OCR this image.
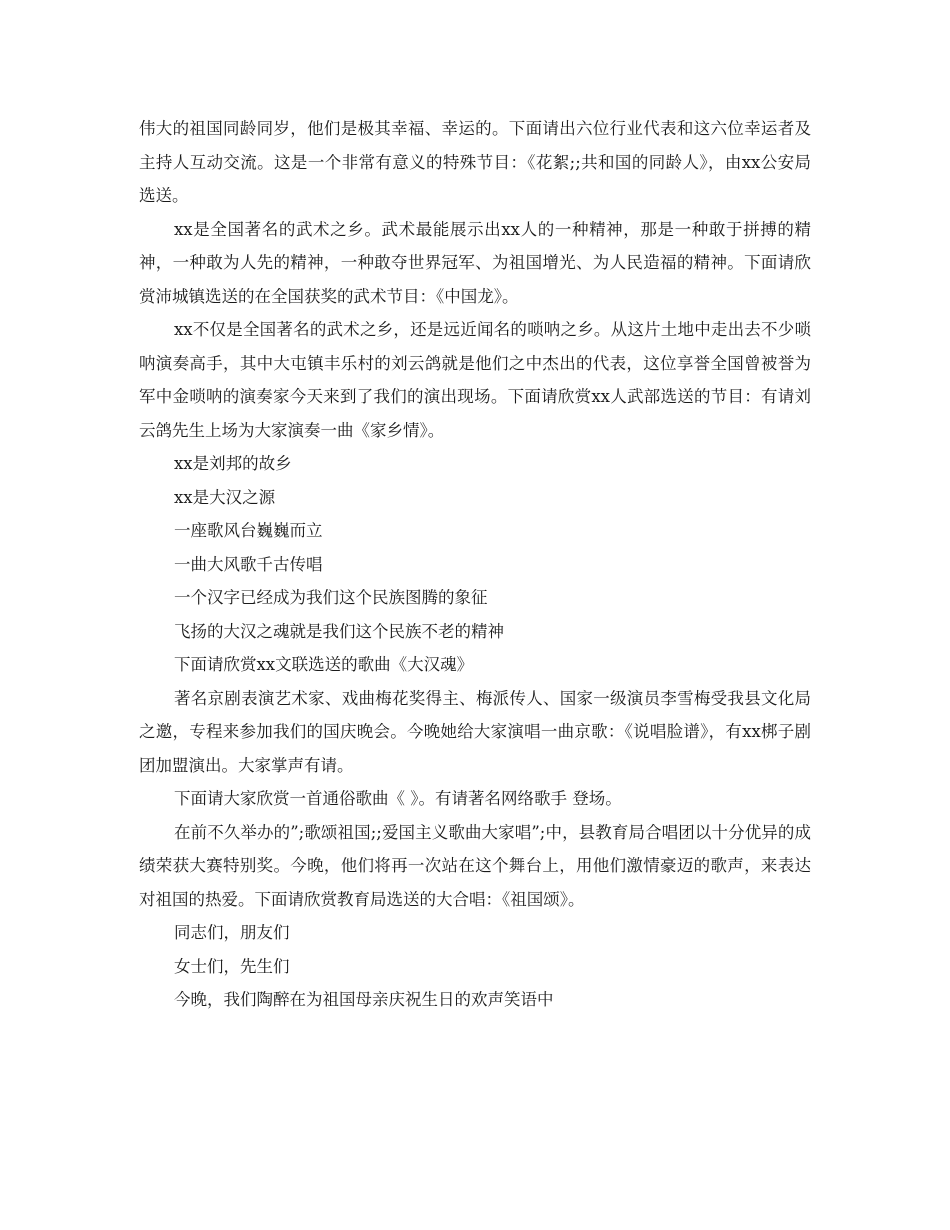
伟大的祖国同龄同岁，他们是极其幸福、幸运的。下面请出六位行业代表和这六位幸运者及主持人互动交流。这是一个非常有意义的特殊节目：《花絮;;共和国的同龄人》，由xx公安局选送。

xx是全国著名的武术之乡。武术最能展示出xx人的一种精神，那是一种敢于拼搏的精神，一种敢为人先的精神，一种敢夺世界冠军、为祖国增光、为人民造福的精神。下面请欣赏沛城镇选送的在全国获奖的武术节目：《中国龙》。

xx不仅是全国著名的武术之乡，还是远近闻名的唢呐之乡。从这片土地中走出去不少唢呐演奏高手，其中大屯镇丰乐村的刘云鸽就是他们之中杰出的代表，这位享誉全国曾被誉为军中金唢呐的演奏家今天来到了我们的演出现场。下面请欣赏xx人武部选送的节目：有请刘云鸽先生上场为大家演奏一曲《家乡情》。

xx是刘邦的故乡

xx是大汉之源

一座歌风台巍巍而立

一曲大风歌千古传唱

一个汉字已经成为我们这个民族图腾的象征

飞扬的大汉之魂就是我们这个民族不老的精神

下面请欣赏xx文联选送的歌曲《大汉魂》

著名京剧表演艺术家、戏曲梅花奖得主、梅派传人、国家一级演员李雪梅受我县文化局之邀，专程来参加我们的国庆晚会。今晚她给大家演唱一曲京歌：《说唱脸谱》，有xx梆子剧团加盟演出。大家掌声有请。

下面请大家欣赏一首通俗歌曲《 》。有请著名网络歌手 登场。

在前不久举办的”;歌颂祖国;;爱国主义歌曲大家唱”;中，县教育局合唱团以十分优异的成绩荣获大赛特别奖。今晚，他们将再一次站在这个舞台上，用他们激情豪迈的歌声，来表达对祖国的热爱。下面请欣赏教育局选送的大合唱：《祖国颂》。

同志们，朋友们

女士们，先生们

今晚，我们陶醉在为祖国母亲庆祝生日的欢声笑语中
